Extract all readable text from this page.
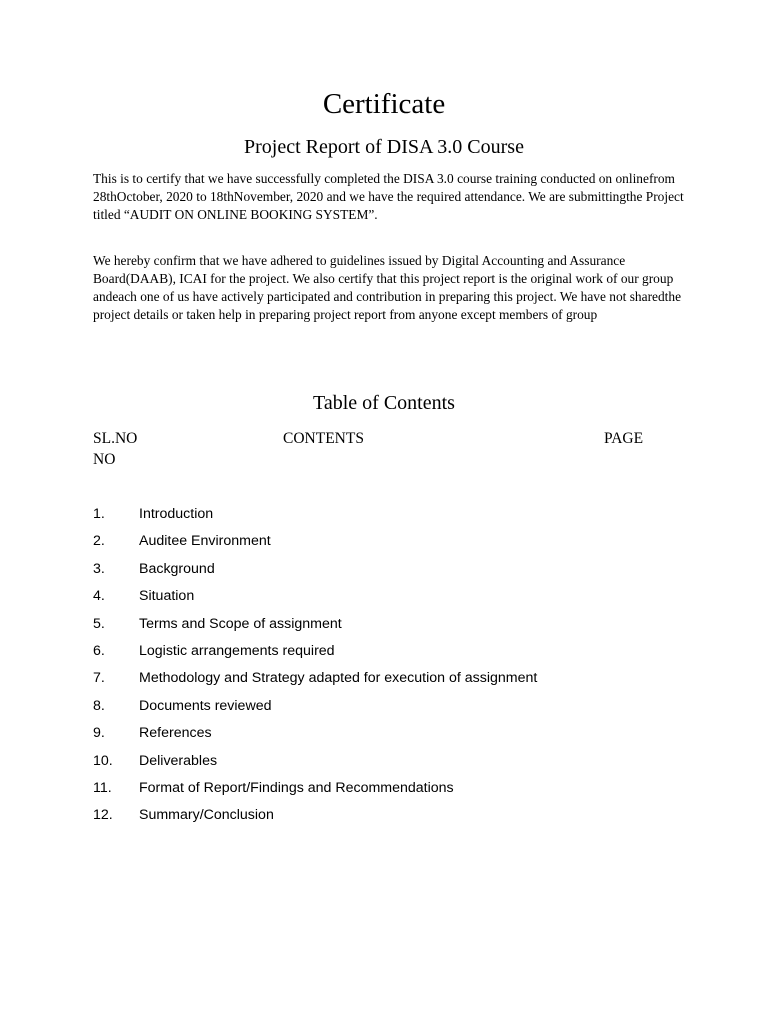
Certificate
Project Report of DISA 3.0 Course

This is to certify that we have successfully completed the DISA 3.0 course training conducted on onlinefrom 28thOctober, 2020 to 18thNovember, 2020 and we have the required attendance. We are submittingthe Project titled “AUDIT ON ONLINE BOOKING SYSTEM”.

We hereby confirm that we have adhered to guidelines issued by Digital Accounting and Assurance Board(DAAB), ICAI for the project. We also certify that this project report is the original work of our group andeach one of us have actively participated and contribution in preparing this project. We have not sharedthe project details or taken help in preparing project report from anyone except members of group

Table of Contents
SL.NO	CONTENTS	PAGE
NO
1. Introduction
2. Auditee Environment
3. Background
4. Situation
5. Terms and Scope of assignment
6. Logistic arrangements required
7. Methodology and Strategy adapted for execution of assignment
8. Documents reviewed
9. References
10. Deliverables
11. Format of Report/Findings and Recommendations
12. Summary/Conclusion
